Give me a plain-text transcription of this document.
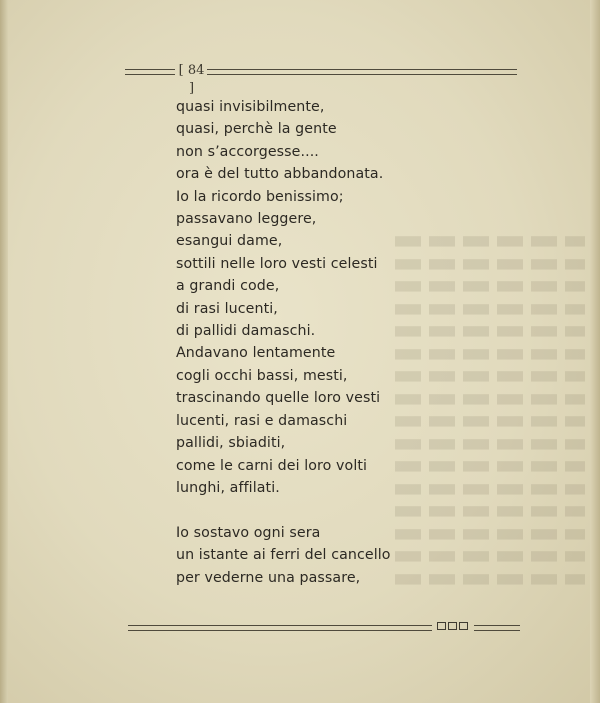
[ 84 ]
quasi invisibilmente,
quasi, perchè la gente
non s’accorgesse....
ora è del tutto abbandonata.
Io la ricordo benissimo;
passavano leggere,
esangui dame,
sottili nelle loro vesti celesti
a grandi code,
di rasi lucenti,
di pallidi damaschi.
Andavano lentamente
cogli occhi bassi, mesti,
trascinando quelle loro vesti
lucenti, rasi e damaschi
pallidi, sbiaditi,
come le carni dei loro volti
lunghi, affilati.
Io sostavo ogni sera
un istante ai ferri del cancello
per vederne una passare,
